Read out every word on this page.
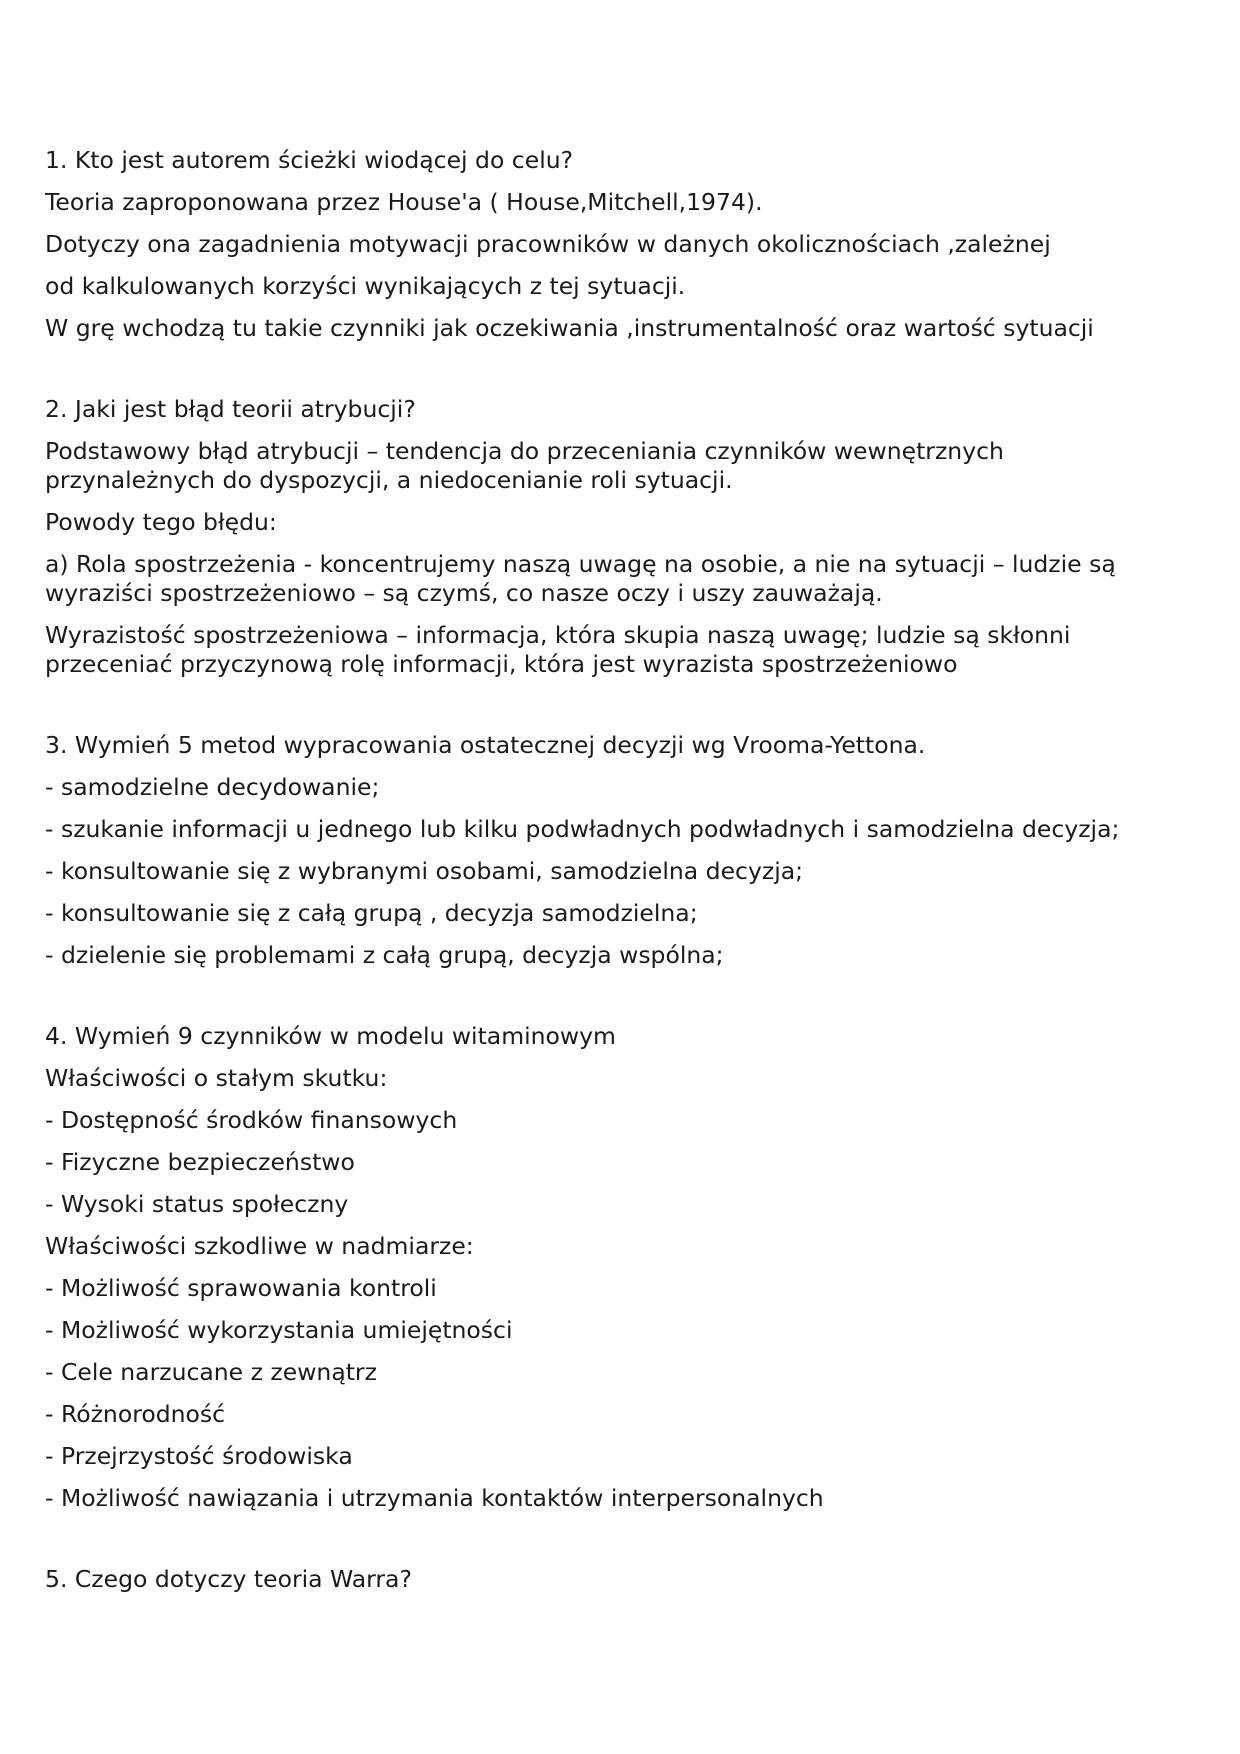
1. Kto jest autorem ścieżki wiodącej do celu?
Teoria zaproponowana przez House'a ( House,Mitchell,1974).
Dotyczy ona zagadnienia motywacji pracowników w danych okolicznościach ,zależnej
od kalkulowanych korzyści wynikających z tej sytuacji.
W grę wchodzą tu takie czynniki jak oczekiwania ,instrumentalność oraz wartość sytuacji
2. Jaki jest błąd teorii atrybucji?
Podstawowy błąd atrybucji – tendencja do przeceniania czynników wewnętrznych
przynależnych do dyspozycji, a niedocenianie roli sytuacji.
Powody tego błędu:
a) Rola spostrzeżenia - koncentrujemy naszą uwagę na osobie, a nie na sytuacji – ludzie są
wyraziści spostrzeżeniowo – są czymś, co nasze oczy i uszy zauważają.
Wyrazistość spostrzeżeniowa – informacja, która skupia naszą uwagę; ludzie są skłonni
przeceniać przyczynową rolę informacji, która jest wyrazista spostrzeżeniowo
3. Wymień 5 metod wypracowania ostatecznej decyzji wg Vrooma-Yettona.
- samodzielne decydowanie;
- szukanie informacji u jednego lub kilku podwładnych podwładnych i samodzielna decyzja;
- konsultowanie się z wybranymi osobami, samodzielna decyzja;
- konsultowanie się z całą grupą , decyzja samodzielna;
- dzielenie się problemami z całą grupą, decyzja wspólna;
4. Wymień 9 czynników w modelu witaminowym
Właściwości o stałym skutku:
- Dostępność środków finansowych
- Fizyczne bezpieczeństwo
- Wysoki status społeczny
Właściwości szkodliwe w nadmiarze:
- Możliwość sprawowania kontroli
- Możliwość wykorzystania umiejętności
- Cele narzucane z zewnątrz
- Różnorodność
- Przejrzystość środowiska
- Możliwość nawiązania i utrzymania kontaktów interpersonalnych
5. Czego dotyczy teoria Warra?
